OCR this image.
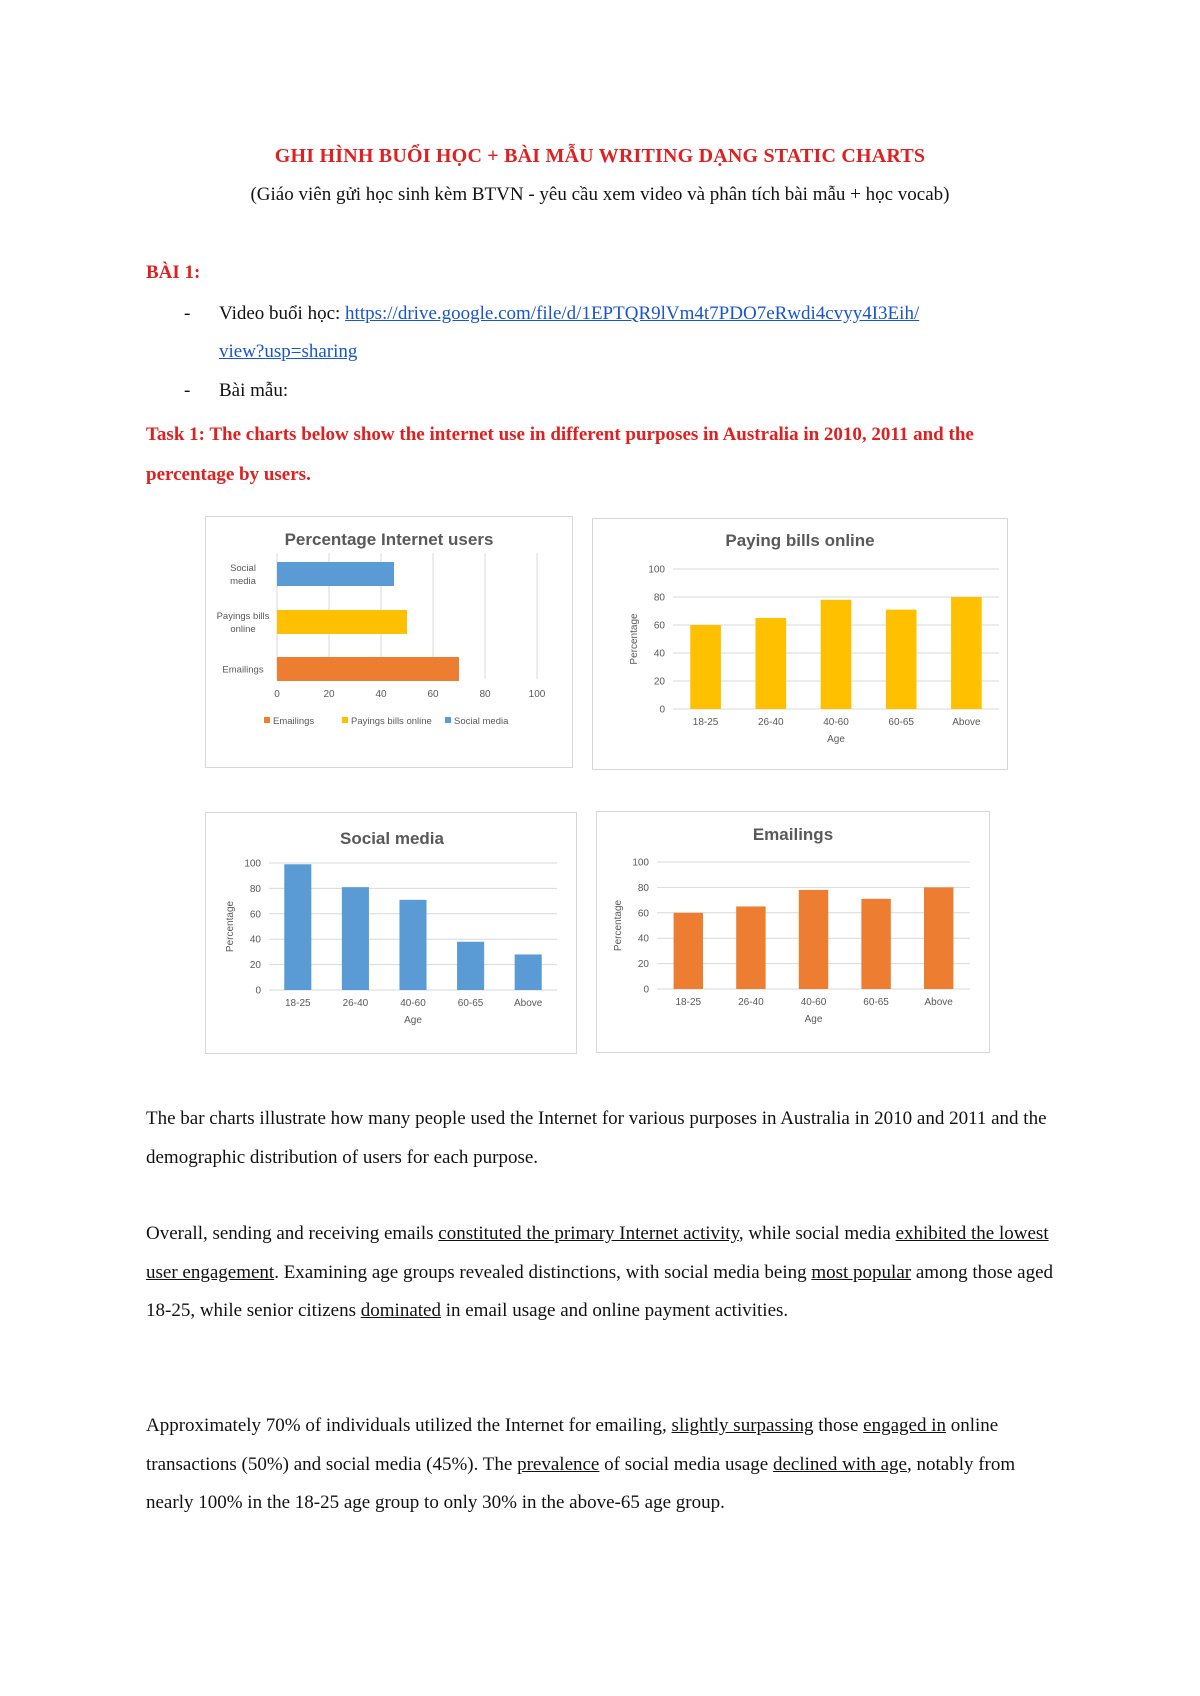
GHI HÌNH BUỔI HỌC + BÀI MẪU WRITING DẠNG STATIC CHARTS
(Giáo viên gửi học sinh kèm BTVN - yêu cầu xem video và phân tích bài mẫu + học vocab)
BÀI 1:
- Video buổi học: https://drive.google.com/file/d/1EPTQR9lVm4t7PDO7eRwdi4cvyy4I3Eih/
view?usp=sharing
- Bài mẫu:
Task 1: The charts below show the internet use in different purposes in Australia in 2010, 2011 and the percentage by users.
Percentage Internet users
0	20	40	60	80	100
Social
media
Payings bills
online
Emailings
Emailings	Payings bills online Social media
Paying bills online
0
20
40
60
80
100
18-25	26-40	40-60	60-65	Above
Age
Percentage
Social media
0
20
40
60
80
100
18-25	26-40	40-60	60-65	Above
Age
Percentage
Emailings
0
20
40
60
80
100
18-25	26-40	40-60	60-65	Above
Age
Percentage
The bar charts illustrate how many people used the Internet for various purposes in Australia in 2010 and 2011 and the demographic distribution of users for each purpose.
Overall, sending and receiving emails constituted the primary Internet activity, while social media exhibited the lowest user engagement. Examining age groups revealed distinctions, with social media being most popular among those aged 18-25, while senior citizens dominated in email usage and online payment activities.
Approximately 70% of individuals utilized the Internet for emailing, slightly surpassing those engaged in online transactions (50%) and social media (45%). The prevalence of social media usage declined with age, notably from nearly 100% in the 18-25 age group to only 30% in the above-65 age group.
